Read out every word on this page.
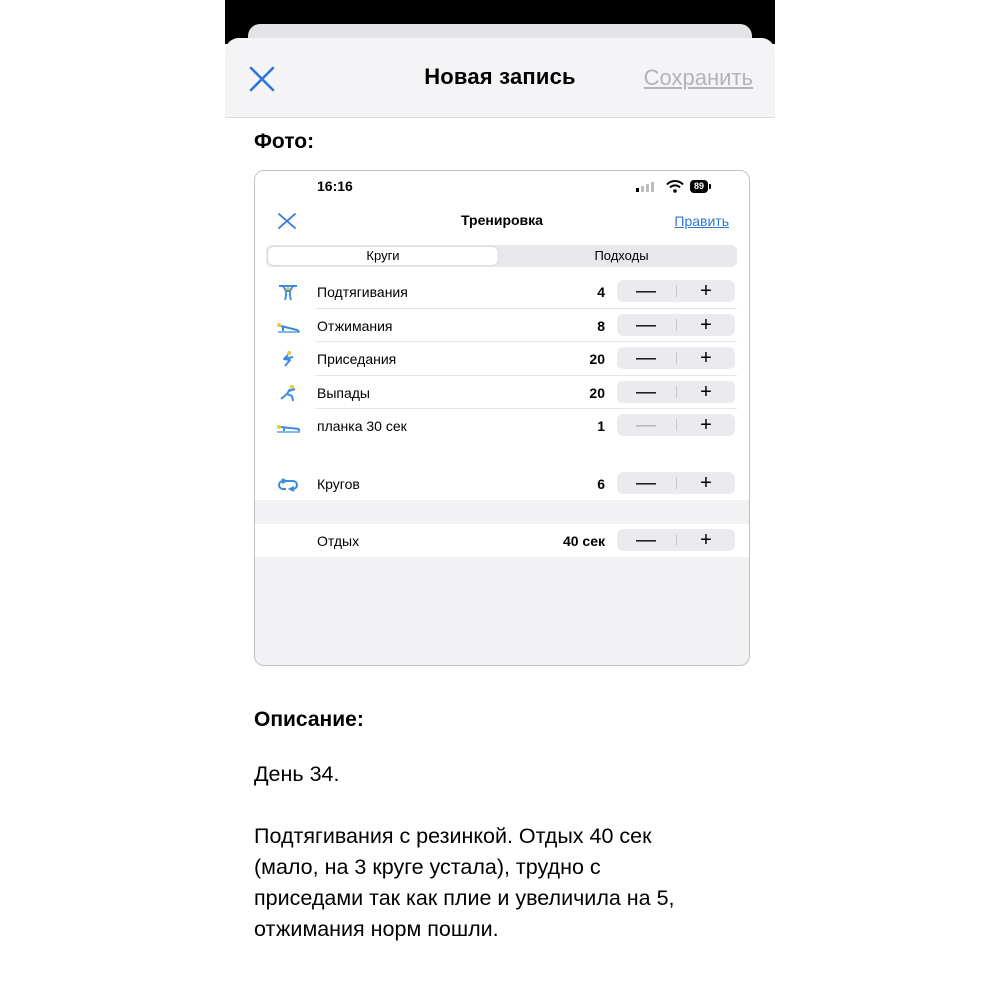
Новая запись	Сохранить
Фото:
16:16	89
Тренировка	Править
Круги	Подходы
Подтягивания	4	—	+
Отжимания	8	—	+
Приседания	20	—	+
Выпады	20	—	+
планка 30 сек	1	—	+
Кругов	6	—	+
Отдых	40 сек	—	+
Описание:
День 34.
Подтягивания с резинкой. Отдых 40 сек
(мало, на 3 круге устала), трудно с
приседами так как плие и увеличила на 5,
отжимания норм пошли.
